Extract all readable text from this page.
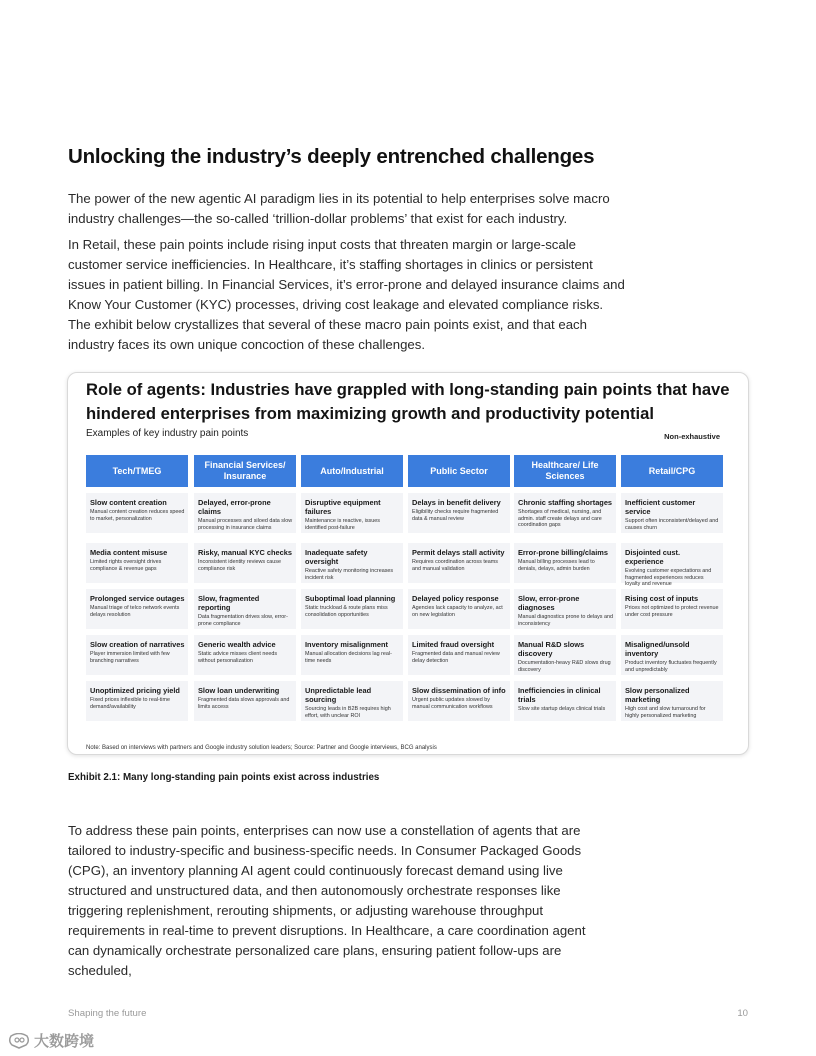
Unlocking the industry’s deeply entrenched challenges

The power of the new agentic AI paradigm lies in its potential to help enterprises solve macro industry challenges—the so-called ‘trillion-dollar problems’ that exist for each industry.

In Retail, these pain points include rising input costs that threaten margin or large-scale customer service inefficiencies. In Healthcare, it’s staffing shortages in clinics or persistent issues in patient billing. In Financial Services, it’s error-prone and delayed insurance claims and Know Your Customer (KYC) processes, driving cost leakage and elevated compliance risks. The exhibit below crystallizes that several of these macro pain points exist, and that each industry faces its own unique concoction of these challenges.

Role of agents: Industries have grappled with long-standing pain points that have hindered enterprises from maximizing growth and productivity potential
Examples of key industry pain points	Non-exhaustive
Tech/TMEG
Slow content creation
Manual content creation reduces speed to market, personalization
Media content misuse
Limited rights oversight drives compliance & revenue gaps
Prolonged service outages
Manual triage of telco network events delays resolution
Slow creation of narratives
Player immersion limited with few branching narratives
Unoptimized pricing yield
Fixed prices inflexible to real-time demand/availability
Financial Services/ Insurance
Delayed, error-prone claims
Manual processes and siloed data slow processing in insurance claims
Risky, manual KYC checks
Inconsistent identity reviews cause compliance risk
Slow, fragmented reporting
Data fragmentation drives slow, error-prone compliance
Generic wealth advice
Static advice misses client needs without personalization
Slow loan underwriting
Fragmented data slows approvals and limits access
Auto/Industrial
Disruptive equipment failures
Maintenance is reactive, issues identified post-failure
Inadequate safety oversight
Reactive safety monitoring increases incident risk
Suboptimal load planning
Static truckload & route plans miss consolidation opportunities
Inventory misalignment
Manual allocation decisions lag real-time needs
Unpredictable lead sourcing
Sourcing leads in B2B requires high effort, with unclear ROI
Public Sector
Delays in benefit delivery
Eligibility checks require fragmented data & manual review
Permit delays stall activity
Requires coordination across teams and manual validation
Delayed policy response
Agencies lack capacity to analyze, act on new legislation
Limited fraud oversight
Fragmented data and manual review delay detection
Slow dissemination of info
Urgent public updates slowed by manual communication workflows
Healthcare/ Life Sciences
Chronic staffing shortages
Shortages of medical, nursing, and admin. staff create delays and care coordination gaps
Error-prone billing/claims
Manual billing processes lead to denials, delays, admin burden
Slow, error-prone diagnoses
Manual diagnostics prone to delays and inconsistency
Manual R&D slows discovery
Documentation-heavy R&D slows drug discovery
Inefficiencies in clinical trials
Slow site startup delays clinical trials
Retail/CPG
Inefficient customer service
Support often inconsistent/delayed and causes churn
Disjointed cust. experience
Evolving customer expectations and fragmented experiences reduces loyalty and revenue
Rising cost of inputs
Prices not optimized to protect revenue under cost pressure
Misaligned/unsold inventory
Product inventory fluctuates frequently and unpredictably
Slow personalized marketing
High cost and slow turnaround for highly personalized marketing
Note: Based on interviews with partners and Google industry solution leaders; Source: Partner and Google interviews, BCG analysis
Exhibit 2.1: Many long-standing pain points exist across industries

To address these pain points, enterprises can now use a constellation of agents that are tailored to industry-specific and business-specific needs. In Consumer Packaged Goods (CPG), an inventory planning AI agent could continuously forecast demand using live structured and unstructured data, and then autonomously orchestrate responses like triggering replenishment, rerouting shipments, or adjusting warehouse throughput requirements in real-time to prevent disruptions. In Healthcare, a care coordination agent can dynamically orchestrate personalized care plans, ensuring patient follow-ups are scheduled,

Shaping the future	10
大数跨境
